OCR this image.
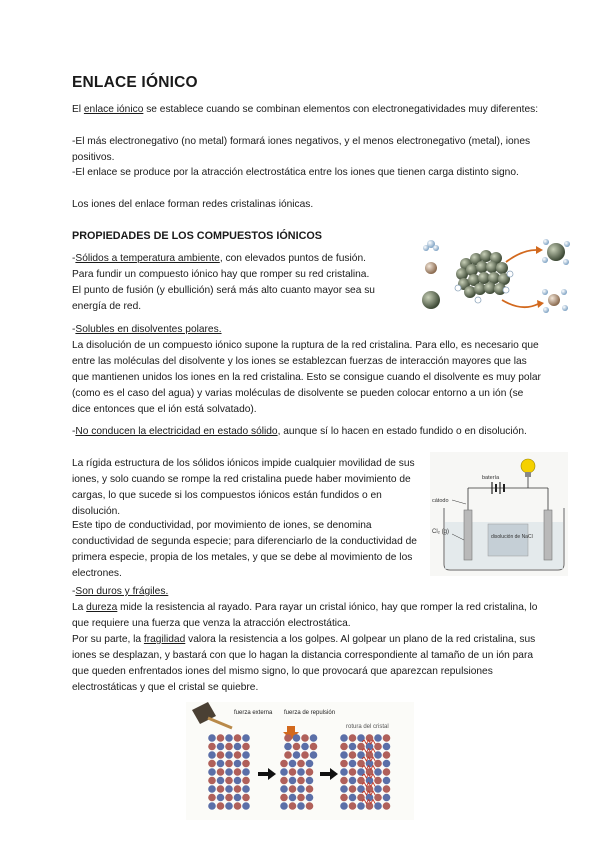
ENLACE IÓNICO

El enlace iónico se establece cuando se combinan elementos con electronegatividades muy diferentes:

-El más electronegativo (no metal) formará iones negativos, y el menos electronegativo (metal), iones positivos.

-El enlace se produce por la atracción electrostática entre los iones que tienen carga distinto signo.

Los iones del enlace forman redes cristalinas iónicas.

PROPIEDADES DE LOS COMPUESTOS IÓNICOS

-Sólidos a temperatura ambiente, con elevados puntos de fusión.
Para fundir un compuesto iónico hay que romper su red cristalina.
El punto de fusión (y ebullición) será más alto cuanto mayor sea su energía de red.

-Solubles en disolventes polares.

La disolución de un compuesto iónico supone la ruptura de la red cristalina. Para ello, es necesario que entre las moléculas del disolvente y los iones se establezcan fuerzas de interacción mayores que las que mantienen unidos los iones en la red cristalina. Esto se consigue cuando el disolvente es muy polar (como es el caso del agua) y varias moléculas de disolvente se pueden colocar entorno a un ión (se dice entonces que el ión está solvatado).

-No conducen la electricidad en estado sólido, aunque sí lo hacen en estado fundido o en disolución.

La rígida estructura de los sólidos iónicos impide cualquier movilidad de sus iones, y solo cuando se rompe la red cristalina puede haber movimiento de cargas, lo que sucede si los compuestos iónicos están fundidos o en disolución.

Este tipo de conductividad, por movimiento de iones, se denomina conductividad de segunda especie; para diferenciarlo de la conductividad de primera especie, propia de los metales, y que se debe al movimiento de los electrones.

batería
cátodo
disolución de NaCl
Cl₂ (g)

-Son duros y frágiles.

La dureza mide la resistencia al rayado. Para rayar un cristal iónico, hay que romper la red cristalina, lo que requiere una fuerza que venza la atracción electrostática.

Por su parte, la fragilidad valora la resistencia a los golpes. Al golpear un plano de la red cristalina, sus iones se desplazan, y bastará con que lo hagan la distancia correspondiente al tamaño de un ión para que queden enfrentados iones del mismo signo, lo que provocará que aparezcan repulsiones electrostáticas y que el cristal se quiebre.

fuerza externa fuerza de repulsión
rotura del cristal
